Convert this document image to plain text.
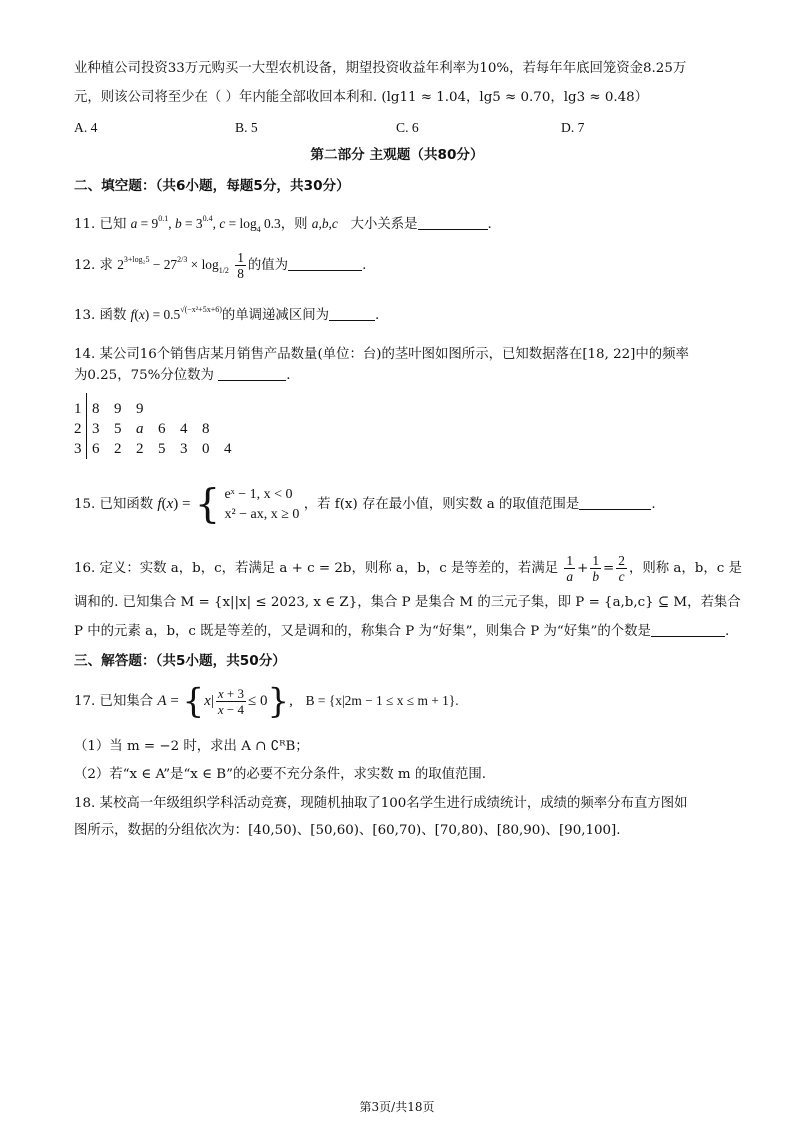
业种植公司投资33万元购买一大型农机设备，期望投资收益年利率为10%，若每年年底回笼资金8.25万
元，则该公司将至少在（ ）年内能全部收回本利和. (lg11 ≈ 1.04，lg5 ≈ 0.70，lg3 ≈ 0.48）
A. 4	B. 5	C. 6	D. 7
第二部分 主观题（共80分）
二、填空题：（共6小题，每题5分，共30分）
11. 已知 $a = 9^{0.1}$, $b = 3^{0.4}$, $c = \log_4 0.3$，则 a,b,c 大小关系是	.
12. 求 $2^{3+log_25} - 27^{2/3} \times \log_{1/2} \frac{1}{8}$ 的值为	.
13. 函数 $f(x) = 0.5^{√(-x^2+5x+6)}$的单调递减区间为	.
14. 某公司16个销售店某月销售产品数量(单位：台)的茎叶图如图所示，已知数据落在[18, 22]中的频率
为0.25，75%分位数为	.
1 8 9 9
2 3 5 a 6 4 8
3 6 2 2 5 3 0 4
15. 已知函数 f(x) = { eˣ − 1, x < 0
x² − ax, x ≥ 0
，若 f(x) 存在最小值，则实数 a 的取值范围是	.
16. 定义：实数 a，b，c，若满足 a + c = 2b，则称 a，b，c 是等差的，若满足 $\frac{1}{a} + \frac{1}{b} = \frac{2}{c}$ ，则称 a，b，c 是
调和的. 已知集合 M = {x||x| ≤ 2023, x ∈ Z}，集合 P 是集合 M 的三元子集，即 P = {a,b,c} ⊆ M，若集合
P 中的元素 a，b，c 既是等差的，又是调和的，称集合 P 为“好集”，则集合 P 为“好集”的个数是	.
三、解答题：（共5小题，共50分）
17. 已知集合 $A = \{x| \frac{x + 3}{x - 4} \le 0\}$, B = {x|2m − 1 ≤ x ≤ m + 1}.
（1）当 m = −2 时，求出 A ∩ ∁ᴿB；
（2）若“x ∈ A”是“x ∈ B”的必要不充分条件，求实数 m 的取值范围.
18. 某校高一年级组织学科活动竞赛，现随机抽取了100名学生进行成绩统计，成绩的频率分布直方图如
图所示，数据的分组依次为：[40,50)、[50,60)、[60,70)、[70,80)、[80,90)、[90,100].
第3页/共18页
